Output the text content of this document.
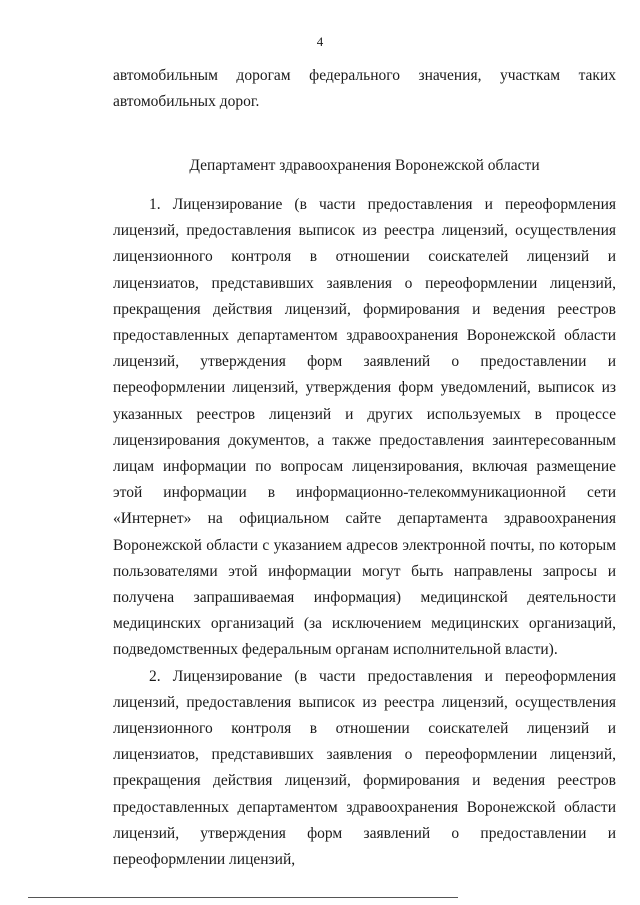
4
автомобильным дорогам федерального значения, участкам таких автомобильных дорог.
Департамент здравоохранения Воронежской области

1. Лицензирование (в части предоставления и переоформления лицензий, предоставления выписок из реестра лицензий, осуществления лицензионного контроля в отношении соискателей лицензий и лицензиатов, представивших заявления о переоформлении лицензий, прекращения действия лицензий, формирования и ведения реестров предоставленных департаментом здравоохранения Воронежской области лицензий, утверждения форм заявлений о предоставлении и переоформлении лицензий, утверждения форм уведомлений, выписок из указанных реестров лицензий и других используемых в процессе лицензирования документов, а также предоставления заинтересованным лицам информации по вопросам лицензирования, включая размещение этой информации в информационно-телекоммуникационной сети «Интернет» на официальном сайте департамента здравоохранения Воронежской области с указанием адресов электронной почты, по которым пользователями этой информации могут быть направлены запросы и получена запрашиваемая информация) медицинской деятельности медицинских организаций (за исключением медицинских организаций, подведомственных федеральным органам исполнительной власти).

2. Лицензирование (в части предоставления и переоформления лицензий, предоставления выписок из реестра лицензий, осуществления лицензионного контроля в отношении соискателей лицензий и лицензиатов, представивших заявления о переоформлении лицензий, прекращения действия лицензий, формирования и ведения реестров предоставленных департаментом здравоохранения Воронежской области лицензий, утверждения форм заявлений о предоставлении и переоформлении лицензий,
